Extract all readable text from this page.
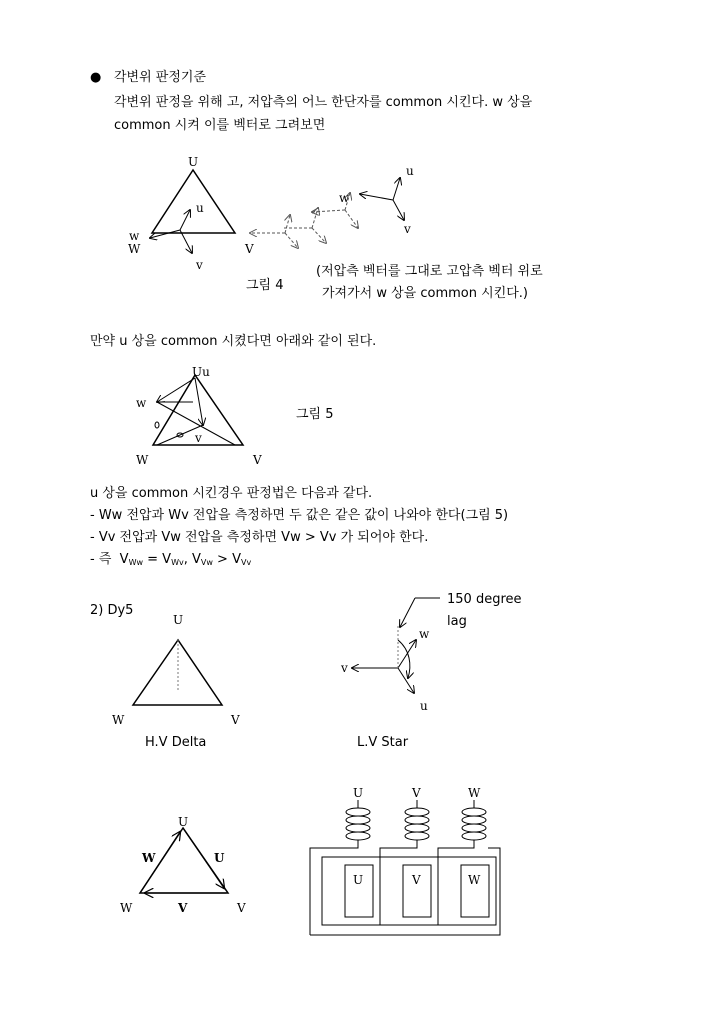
● 각변위 판정기준
각변위 판정을 위해 고, 저압측의 어느 한단자를 common 시킨다. w 상을
common 시켜 이를 벡터로 그려보면
U
u
w
W	V
v
w
u
v
그림 4
(저압측 벡터를 그대로 고압측 벡터 위로
가져가서 w 상을 common 시킨다.)
만약 u 상을 common 시켰다면 아래와 같이 된다.
Uu
w
v
W	V
그림 5
u 상을 common 시킨경우 판정법은 다음과 같다.
- Ww 전압과 Wv 전압을 측정하면 두 값은 같은 값이 나와야 한다(그림 5)
- Vv 전압과 Vw 전압을 측정하면 Vw > Vv 가 되어야 한다.
- 즉  $V_{Ww} = V_{Wv}$, $V_{Vw} > V_{Vv}$
2) Dy5
U
W	V
H.V Delta
w
v
u
150 degree
lag
L.V Star
U
W	U
V
W	V
U	V	W
U	V	W
